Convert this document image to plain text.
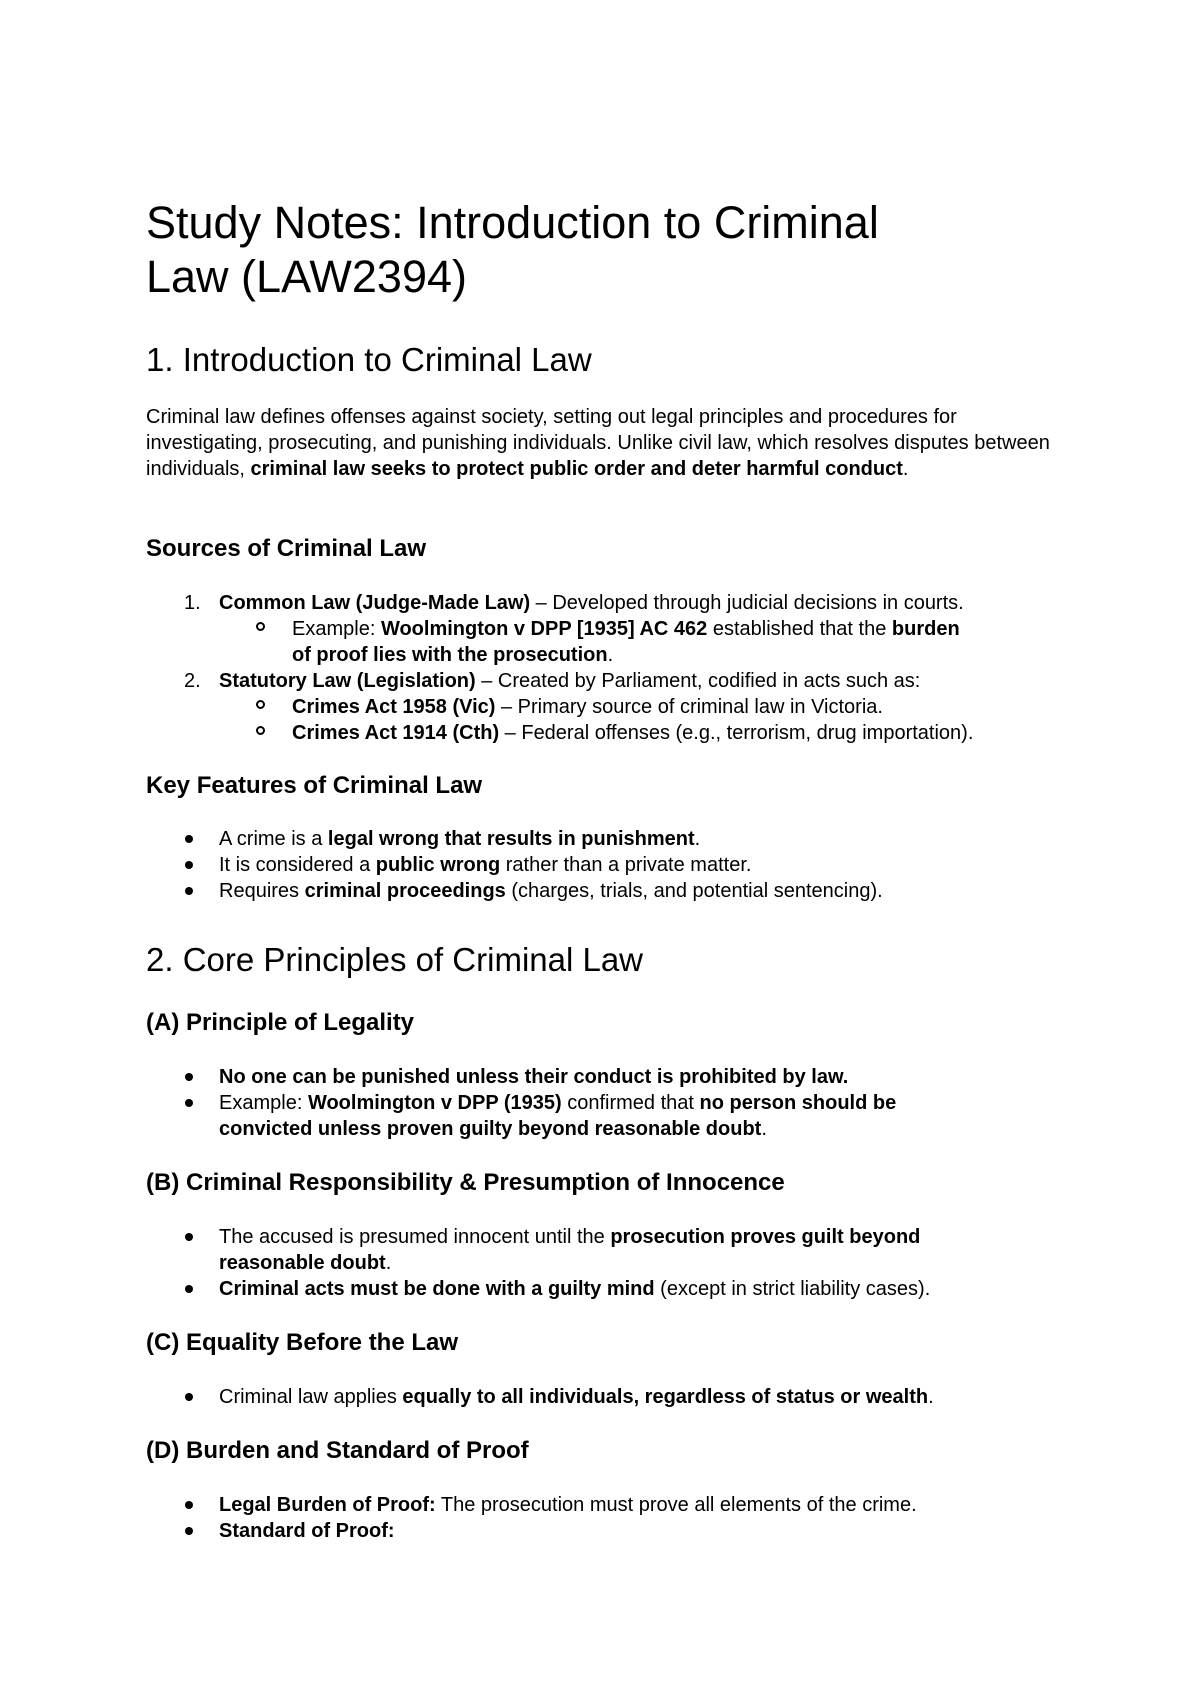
Study Notes: Introduction to Criminal
Law (LAW2394)
1. Introduction to Criminal Law

Criminal law defines offenses against society, setting out legal principles and procedures for investigating, prosecuting, and punishing individuals. Unlike civil law, which resolves disputes between individuals, criminal law seeks to protect public order and deter harmful conduct.

Sources of Criminal Law
1. Common Law (Judge-Made Law) – Developed through judicial decisions in courts.
Example: Woolmington v DPP [1935] AC 462 established that the burden
of proof lies with the prosecution.
2. Statutory Law (Legislation) – Created by Parliament, codified in acts such as:
Crimes Act 1958 (Vic) – Primary source of criminal law in Victoria.
Crimes Act 1914 (Cth) – Federal offenses (e.g., terrorism, drug importation).
Key Features of Criminal Law
A crime is a legal wrong that results in punishment.
It is considered a public wrong rather than a private matter.
Requires criminal proceedings (charges, trials, and potential sentencing).
2. Core Principles of Criminal Law
(A) Principle of Legality
No one can be punished unless their conduct is prohibited by law.
Example: Woolmington v DPP (1935) confirmed that no person should be
convicted unless proven guilty beyond reasonable doubt.
(B) Criminal Responsibility & Presumption of Innocence
The accused is presumed innocent until the prosecution proves guilt beyond
reasonable doubt.
Criminal acts must be done with a guilty mind (except in strict liability cases).
(C) Equality Before the Law
Criminal law applies equally to all individuals, regardless of status or wealth.
(D) Burden and Standard of Proof
Legal Burden of Proof: The prosecution must prove all elements of the crime.
Standard of Proof:
